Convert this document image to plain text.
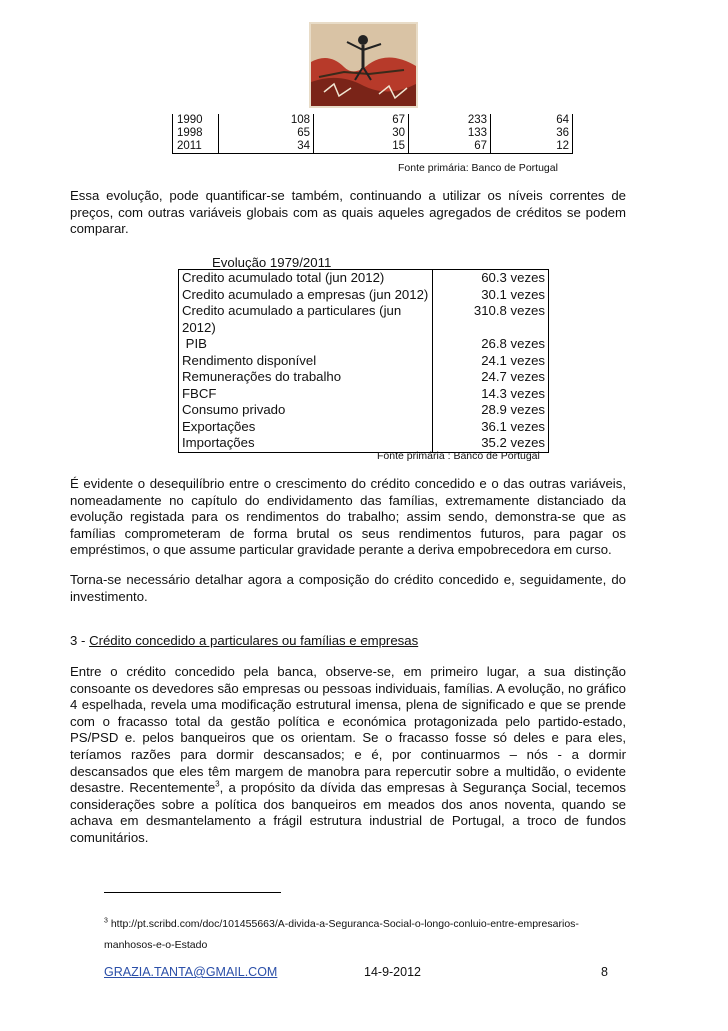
1990	108	67	233	64
1998	65	30	133	36
2011	34	15	67	12
Fonte primária: Banco de Portugal

Essa evolução, pode quantificar-se também, continuando a utilizar os níveis correntes de preços, com outras variáveis globais com as quais aqueles agregados de créditos se podem comparar.

Evolução 1979/2011
Credito acumulado total (jun 2012)	60.3 vezes
Credito acumulado a empresas (jun 2012)	30.1 vezes
Credito acumulado a particulares (jun 2012)	310.8 vezes
PIB	26.8 vezes
Rendimento disponível	24.1 vezes
Remunerações do trabalho	24.7 vezes
FBCF	14.3 vezes
Consumo privado	28.9 vezes
Exportações	36.1 vezes
Importações	35.2 vezes
Fonte primária : Banco de Portugal

É evidente o desequilíbrio entre o crescimento do crédito concedido e o das outras variáveis, nomeadamente no capítulo do endividamento das famílias, extremamente distanciado da evolução registada para os rendimentos do trabalho; assim sendo, demonstra-se que as famílias comprometeram de forma brutal os seus rendimentos futuros, para pagar os empréstimos, o que assume particular gravidade perante a deriva empobrecedora em curso.

Torna-se necessário detalhar agora a composição do crédito concedido e, seguidamente, do investimento.

3 - Crédito concedido a particulares ou famílias e empresas

Entre o crédito concedido pela banca, observe-se, em primeiro lugar, a sua distinção consoante os devedores são empresas ou pessoas individuais, famílias. A evolução, no gráfico 4 espelhada, revela uma modificação estrutural imensa, plena de significado e que se prende com o fracasso total da gestão política e económica protagonizada pelo partido-estado, PS/PSD e. pelos banqueiros que os orientam. Se o fracasso fosse só deles e para eles, teríamos razões para dormir descansados; e é, por continuarmos – nós - a dormir descansados que eles têm margem de manobra para repercutir sobre a multidão, o evidente desastre. Recentemente$^3$, a propósito da dívida das empresas à Segurança Social, tecemos considerações sobre a política dos banqueiros em meados dos anos noventa, quando se achava em desmantelamento a frágil estrutura industrial de Portugal, a troco de fundos comunitários.

$^3$ http://pt.scribd.com/doc/101455663/A-divida-a-Seguranca-Social-o-longo-conluio-entre-empresarios-manhosos-e-o-Estado
GRAZIA.TANTA@GMAIL.COM	14-9-2012	8
